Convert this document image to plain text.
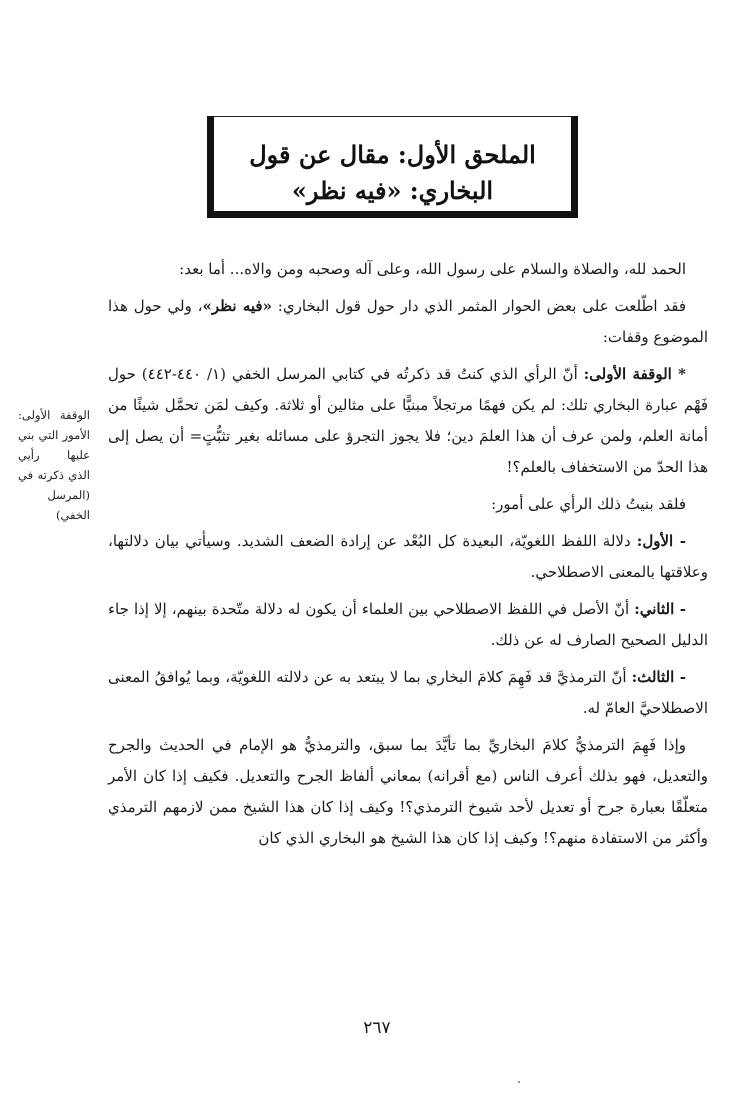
الملحق الأول: مقال عن قول
البخاري: «فيه نظر»
الوقفة الأولى: الأمور التي بني عليها رأيي الذي ذكرته في (المرسل الخفي)

الحمد لله، والصلاة والسلام على رسول الله، وعلى آله وصحبه ومن والاه... أما بعد:

فقد اطّلعت على بعض الحوار المثمر الذي دار حول قول البخاري: «فيه نظر»، ولي حول هذا الموضوع وقفات:

* الوقفة الأولى: أنّ الرأي الذي كنتُ قد ذكرتُه في كتابي المرسل الخفي (١/ ٤٤٠-٤٤٢) حول فَهْم عبارة البخاري تلك: لم يكن فهمًا مرتجلاً مبنيًّا على مثالين أو ثلاثة. وكيف لمَن تحمَّل شيئًا من أمانة العلم، ولمن عرف أن هذا العلمَ دين؛ فلا يجوز التجرؤ على مسائله بغير تثبُّتٍ= أن يصل إلى هذا الحدّ من الاستخفاف بالعلم؟!

فلقد بنيتُ ذلك الرأي على أمور:

- الأول: دلالة اللفظ اللغويّة، البعيدة كل البُعْد عن إرادة الضعف الشديد. وسيأتي بيان دلالتها، وعلاقتها بالمعنى الاصطلاحي.

- الثاني: أنّ الأصل في اللفظ الاصطلاحي بين العلماء أن يكون له دلالة متّحدة بينهم، إلا إذا جاء الدليل الصحيح الصارف له عن ذلك.

- الثالث: أنّ الترمذيَّ قد فَهِمَ كلامَ البخاري بما لا يبتعد به عن دلالته اللغويّة، وبما يُوافقُ المعنى الاصطلاحيَّ العامّ له.

وإذا فَهِمَ الترمذيُّ كلامَ البخاريِّ بما تأيَّدَ بما سبق، والترمذيُّ هو الإمام في الحديث والجرح والتعديل، فهو بذلك أعرف الناس (مع أقرانه) بمعاني ألفاظ الجرح والتعديل. فكيف إذا كان الأمر متعلّقًا بعبارة جرح أو تعديل لأحد شيوخ الترمذي؟! وكيف إذا كان هذا الشيخ ممن لازمهم الترمذي وأكثر من الاستفادة منهم؟! وكيف إذا كان هذا الشيخ هو البخاري الذي كان

٢٦٧
